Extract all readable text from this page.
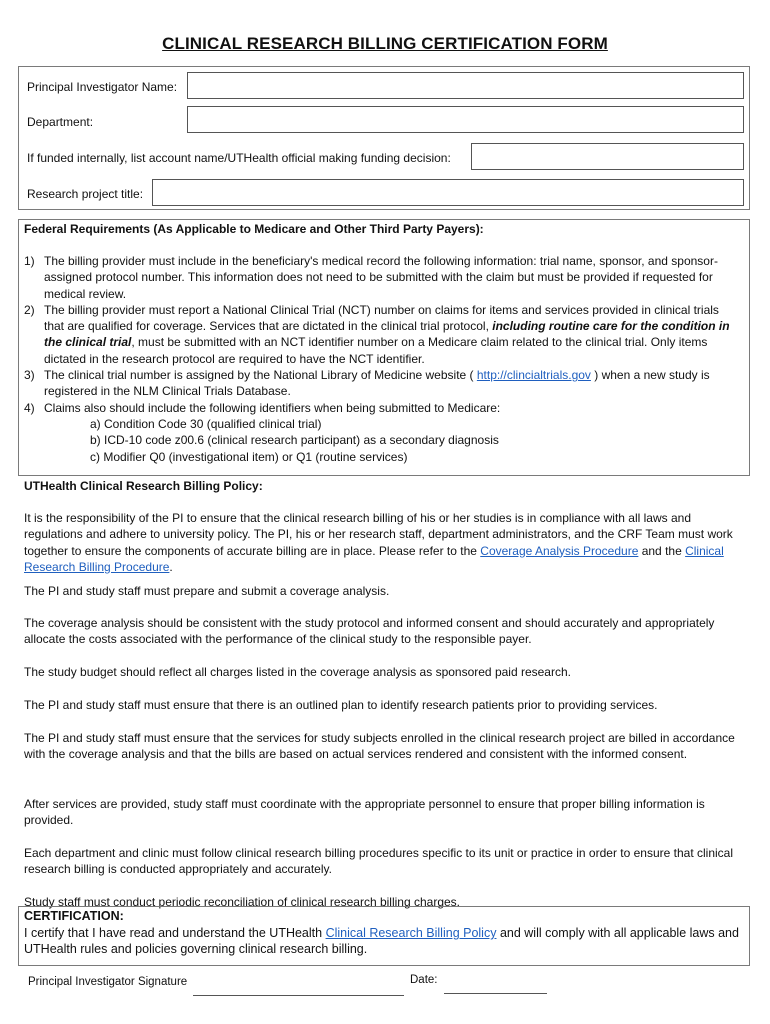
CLINICAL RESEARCH BILLING CERTIFICATION FORM
Principal Investigator Name:
Department:
If funded internally, list account name/UTHealth official making funding decision:
Research project title:
Federal Requirements (As Applicable to Medicare and Other Third Party Payers):
1) The billing provider must include in the beneficiary's medical record the following information: trial name, sponsor, and sponsor-assigned protocol number. This information does not need to be submitted with the claim but must be provided if requested for medical review.
2) The billing provider must report a National Clinical Trial (NCT) number on claims for items and services provided in clinical trials that are qualified for coverage. Services that are dictated in the clinical trial protocol, including routine care for the condition in the clinical trial, must be submitted with an NCT identifier number on a Medicare claim related to the clinical trial. Only items dictated in the research protocol are required to have the NCT identifier.
3) The clinical trial number is assigned by the National Library of Medicine website ( http://clincialtrials.gov ) when a new study is registered in the NLM Clinical Trials Database.
4) Claims also should include the following identifiers when being submitted to Medicare:
a) Condition Code 30 (qualified clinical trial)
b) ICD-10 code z00.6 (clinical research participant) as a secondary diagnosis
c) Modifier Q0 (investigational item) or Q1 (routine services)
UTHealth Clinical Research Billing Policy:
It is the responsibility of the PI to ensure that the clinical research billing of his or her studies is in compliance with all laws and regulations and adhere to university policy. The PI, his or her research staff, department administrators, and the CRF Team must work together to ensure the components of accurate billing are in place. Please refer to the Coverage Analysis Procedure and the Clinical Research Billing Procedure.
The PI and study staff must prepare and submit a coverage analysis.
The coverage analysis should be consistent with the study protocol and informed consent and should accurately and appropriately allocate the costs associated with the performance of the clinical study to the responsible payer.
The study budget should reflect all charges listed in the coverage analysis as sponsored paid research.
The PI and study staff must ensure that there is an outlined plan to identify research patients prior to providing services.
The PI and study staff must ensure that the services for study subjects enrolled in the clinical research project are billed in accordance with the coverage analysis and that the bills are based on actual services rendered and consistent with the informed consent.
After services are provided, study staff must coordinate with the appropriate personnel to ensure that proper billing information is provided.
Each department and clinic must follow clinical research billing procedures specific to its unit or practice in order to ensure that clinical research billing is conducted appropriately and accurately.
Study staff must conduct periodic reconciliation of clinical research billing charges.
CERTIFICATION:
I certify that I have read and understand the UTHealth Clinical Research Billing Policy and will comply with all applicable laws and UTHealth rules and policies governing clinical research billing.
Principal Investigator Signature	Date:
